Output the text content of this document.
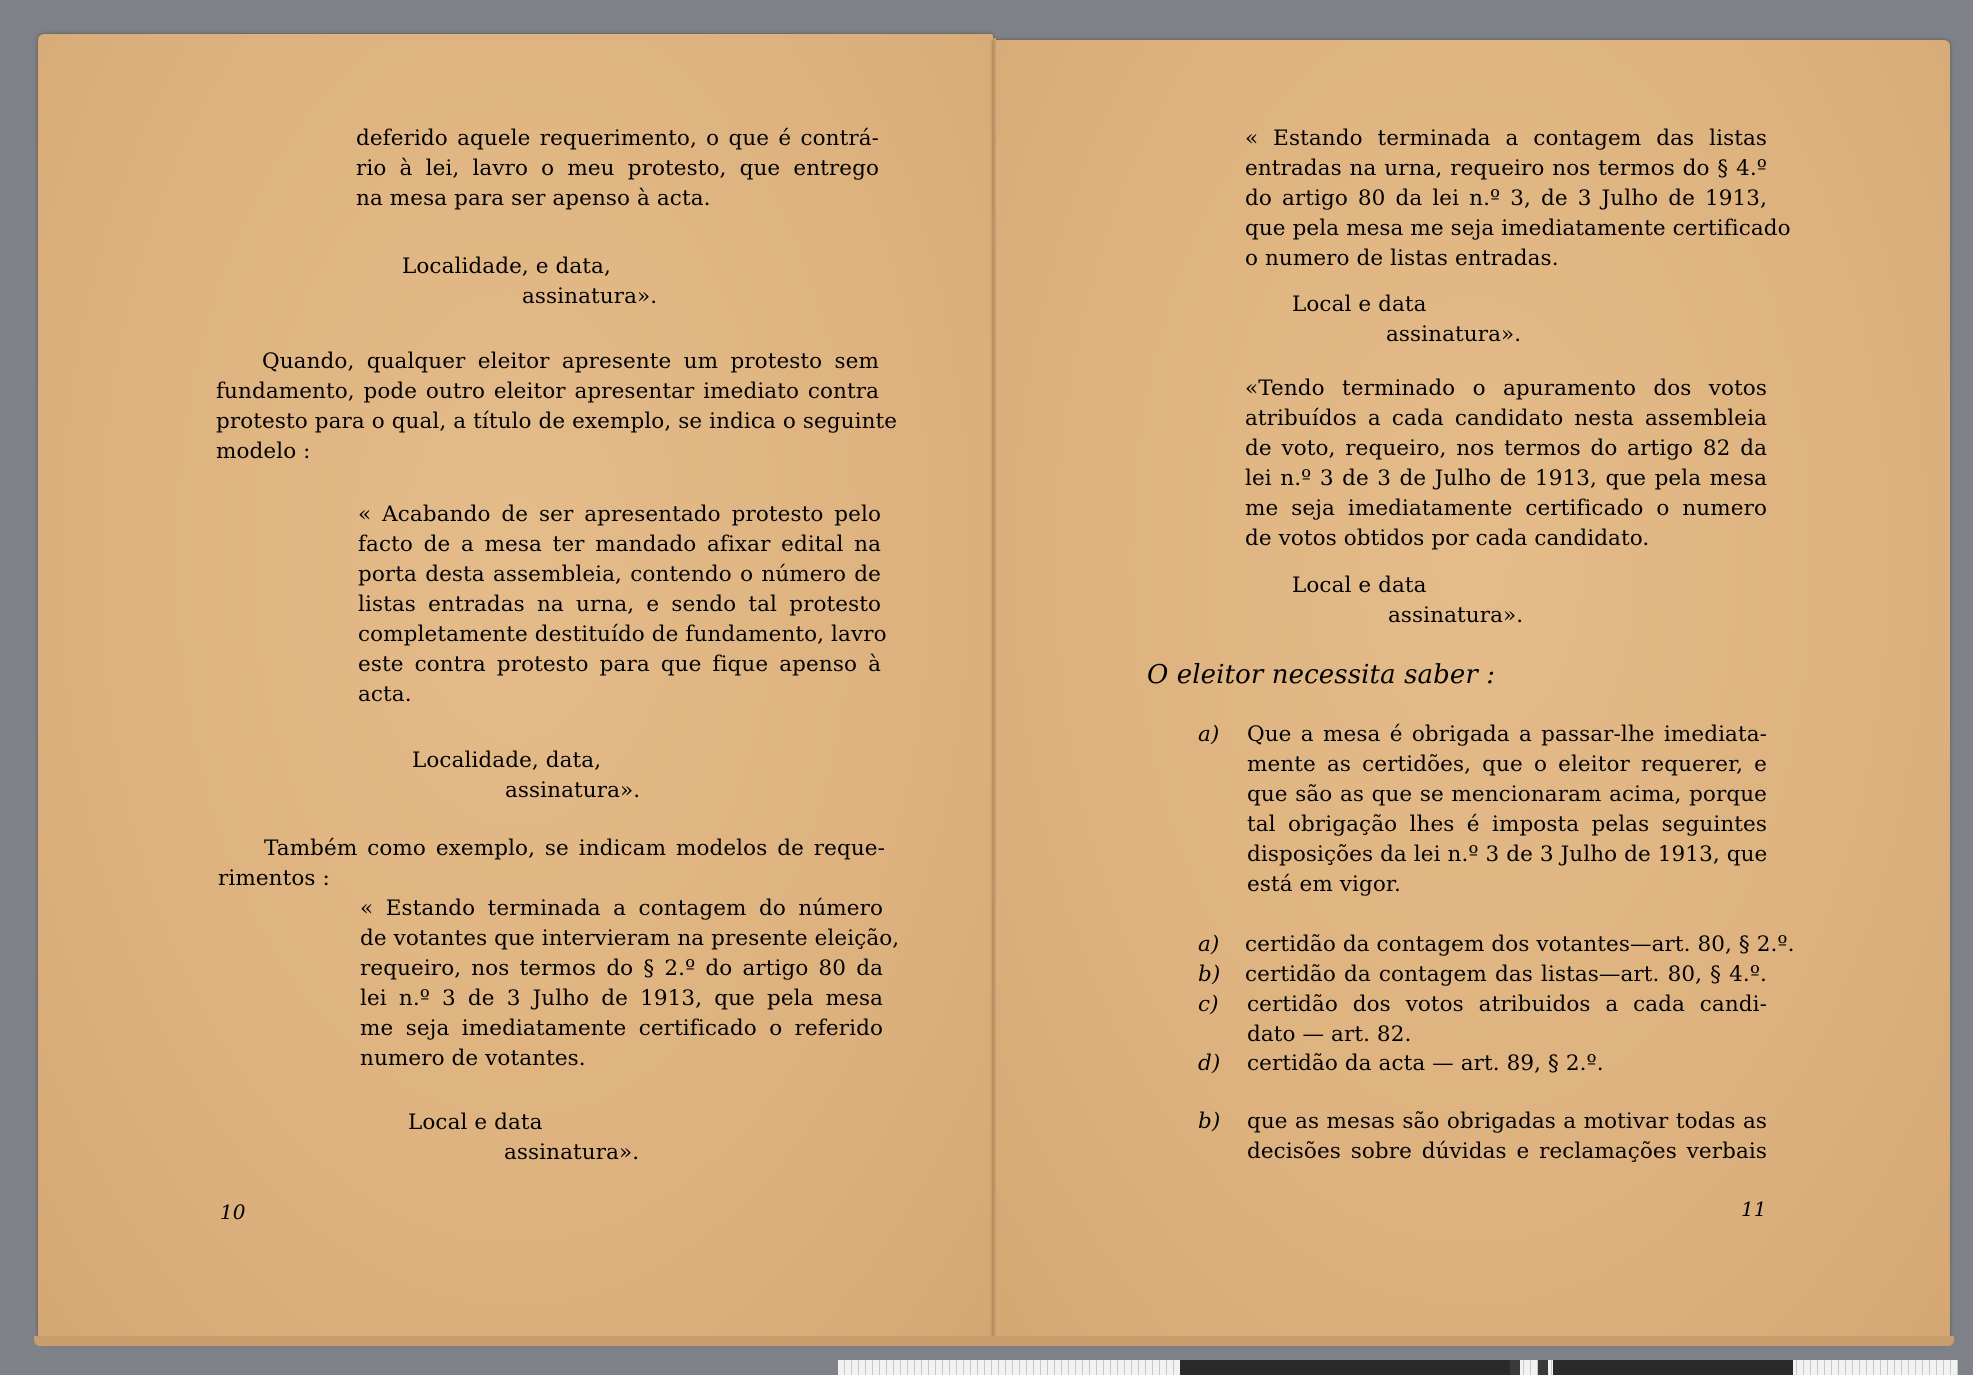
deferido aquele requerimento, o que é contrá-
rio à lei, lavro o meu protesto, que entrego
na mesa para ser apenso à acta.
Localidade, e data,
assinatura».
Quando, qualquer eleitor apresente um protesto sem
fundamento, pode outro eleitor apresentar imediato contra
protesto para o qual, a título de exemplo, se indica o seguinte
modelo :
« Acabando de ser apresentado protesto pelo
facto de a mesa ter mandado afixar edital na
porta desta assembleia, contendo o número de
listas entradas na urna, e sendo tal protesto
completamente destituído de fundamento, lavro
este contra protesto para que fique apenso à
acta.
Localidade, data,
assinatura».
Também como exemplo, se indicam modelos de reque-
rimentos :
« Estando terminada a contagem do número
de votantes que intervieram na presente eleição,
requeiro, nos termos do § 2.º do artigo 80 da
lei n.º 3 de 3 Julho de 1913, que pela mesa
me seja imediatamente certificado o referido
numero de votantes.
Local e data
assinatura».
10
« Estando terminada a contagem das listas
entradas na urna, requeiro nos termos do § 4.º
do artigo 80 da lei n.º 3, de 3 Julho de 1913,
que pela mesa me seja imediatamente certificado
o numero de listas entradas.
Local e data
assinatura».
«Tendo terminado o apuramento dos votos
atribuídos a cada candidato nesta assembleia
de voto, requeiro, nos termos do artigo 82 da
lei n.º 3 de 3 de Julho de 1913, que pela mesa
me seja imediatamente certificado o numero
de votos obtidos por cada candidato.
Local e data
assinatura».
O eleitor necessita saber :
a) Que a mesa é obrigada a passar-lhe imediata-
mente as certidões, que o eleitor requerer, e
que são as que se mencionaram acima, porque
tal obrigação lhes é imposta pelas seguintes
disposições da lei n.º 3 de 3 Julho de 1913, que
está em vigor.
a) certidão da contagem dos votantes—art. 80, § 2.º.
b) certidão da contagem das listas—art. 80, § 4.º.
c) certidão dos votos atribuidos a cada candi-
dato — art. 82.
d) certidão da acta — art. 89, § 2.º.
b) que as mesas são obrigadas a motivar todas as
decisões sobre dúvidas e reclamações verbais
11
